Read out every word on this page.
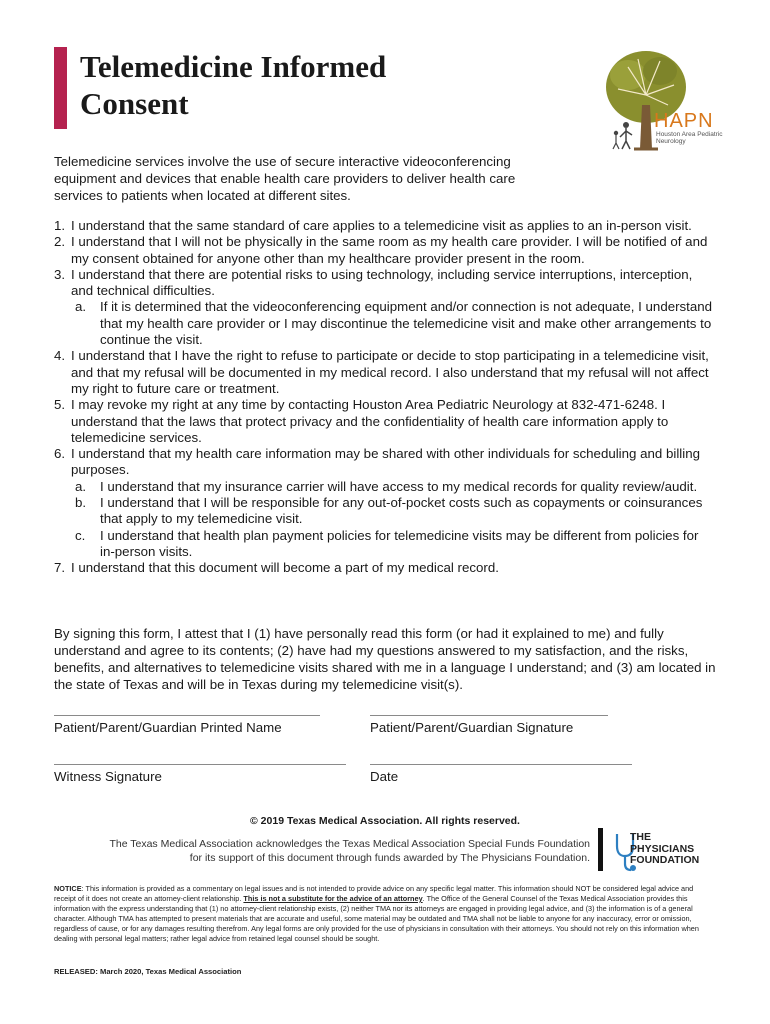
Telemedicine Informed Consent	HAPN
Houston Area Pediatric Neurology

Telemedicine services involve the use of secure interactive videoconferencing equipment and devices that enable health care providers to deliver health care services to patients when located at different sites.

1. I understand that the same standard of care applies to a telemedicine visit as applies to an in-person visit.
2. I understand that I will not be physically in the same room as my health care provider. I will be notified of and my consent obtained for anyone other than my healthcare provider present in the room.
3. I understand that there are potential risks to using technology, including service interruptions, interception, and technical difficulties.
a. If it is determined that the videoconferencing equipment and/or connection is not adequate, I understand that my health care provider or I may discontinue the telemedicine visit and make other arrangements to continue the visit.
4. I understand that I have the right to refuse to participate or decide to stop participating in a telemedicine visit, and that my refusal will be documented in my medical record. I also understand that my refusal will not affect my right to future care or treatment.
5. I may revoke my right at any time by contacting Houston Area Pediatric Neurology at 832-471-6248. I understand that the laws that protect privacy and the confidentiality of health care information apply to telemedicine services.
6. I understand that my health care information may be shared with other individuals for scheduling and billing purposes.
a. I understand that my insurance carrier will have access to my medical records for quality review/audit.
b. I understand that I will be responsible for any out-of-pocket costs such as copayments or coinsurances that apply to my telemedicine visit.
c. I understand that health plan payment policies for telemedicine visits may be different from policies for in-person visits.
7. I understand that this document will become a part of my medical record.

By signing this form, I attest that I (1) have personally read this form (or had it explained to me) and fully understand and agree to its contents; (2) have had my questions answered to my satisfaction, and the risks, benefits, and alternatives to telemedicine visits shared with me in a language I understand; and (3) am located in the state of Texas and will be in Texas during my telemedicine visit(s).

Patient/Parent/Guardian Printed Name	Patient/Parent/Guardian Signature
Witness Signature	Date
© 2019 Texas Medical Association. All rights reserved.
The Texas Medical Association acknowledges the Texas Medical Association Special Funds Foundation
for its support of this document through funds awarded by The Physicians Foundation.
THE
PHYSICIANS
FOUNDATION

NOTICE: This information is provided as a commentary on legal issues and is not intended to provide advice on any specific legal matter. This information should NOT be considered legal advice and receipt of it does not create an attorney-client relationship. This is not a substitute for the advice of an attorney. The Office of the General Counsel of the Texas Medical Association provides this information with the express understanding that (1) no attorney-client relationship exists, (2) neither TMA nor its attorneys are engaged in providing legal advice, and (3) the information is of a general character. Although TMA has attempted to present materials that are accurate and useful, some material may be outdated and TMA shall not be liable to anyone for any inaccuracy, error or omission, regardless of cause, or for any damages resulting therefrom. Any legal forms are only provided for the use of physicians in consultation with their attorneys. You should not rely on this information when dealing with personal legal matters; rather legal advice from retained legal counsel should be sought.

RELEASED: March 2020, Texas Medical Association
